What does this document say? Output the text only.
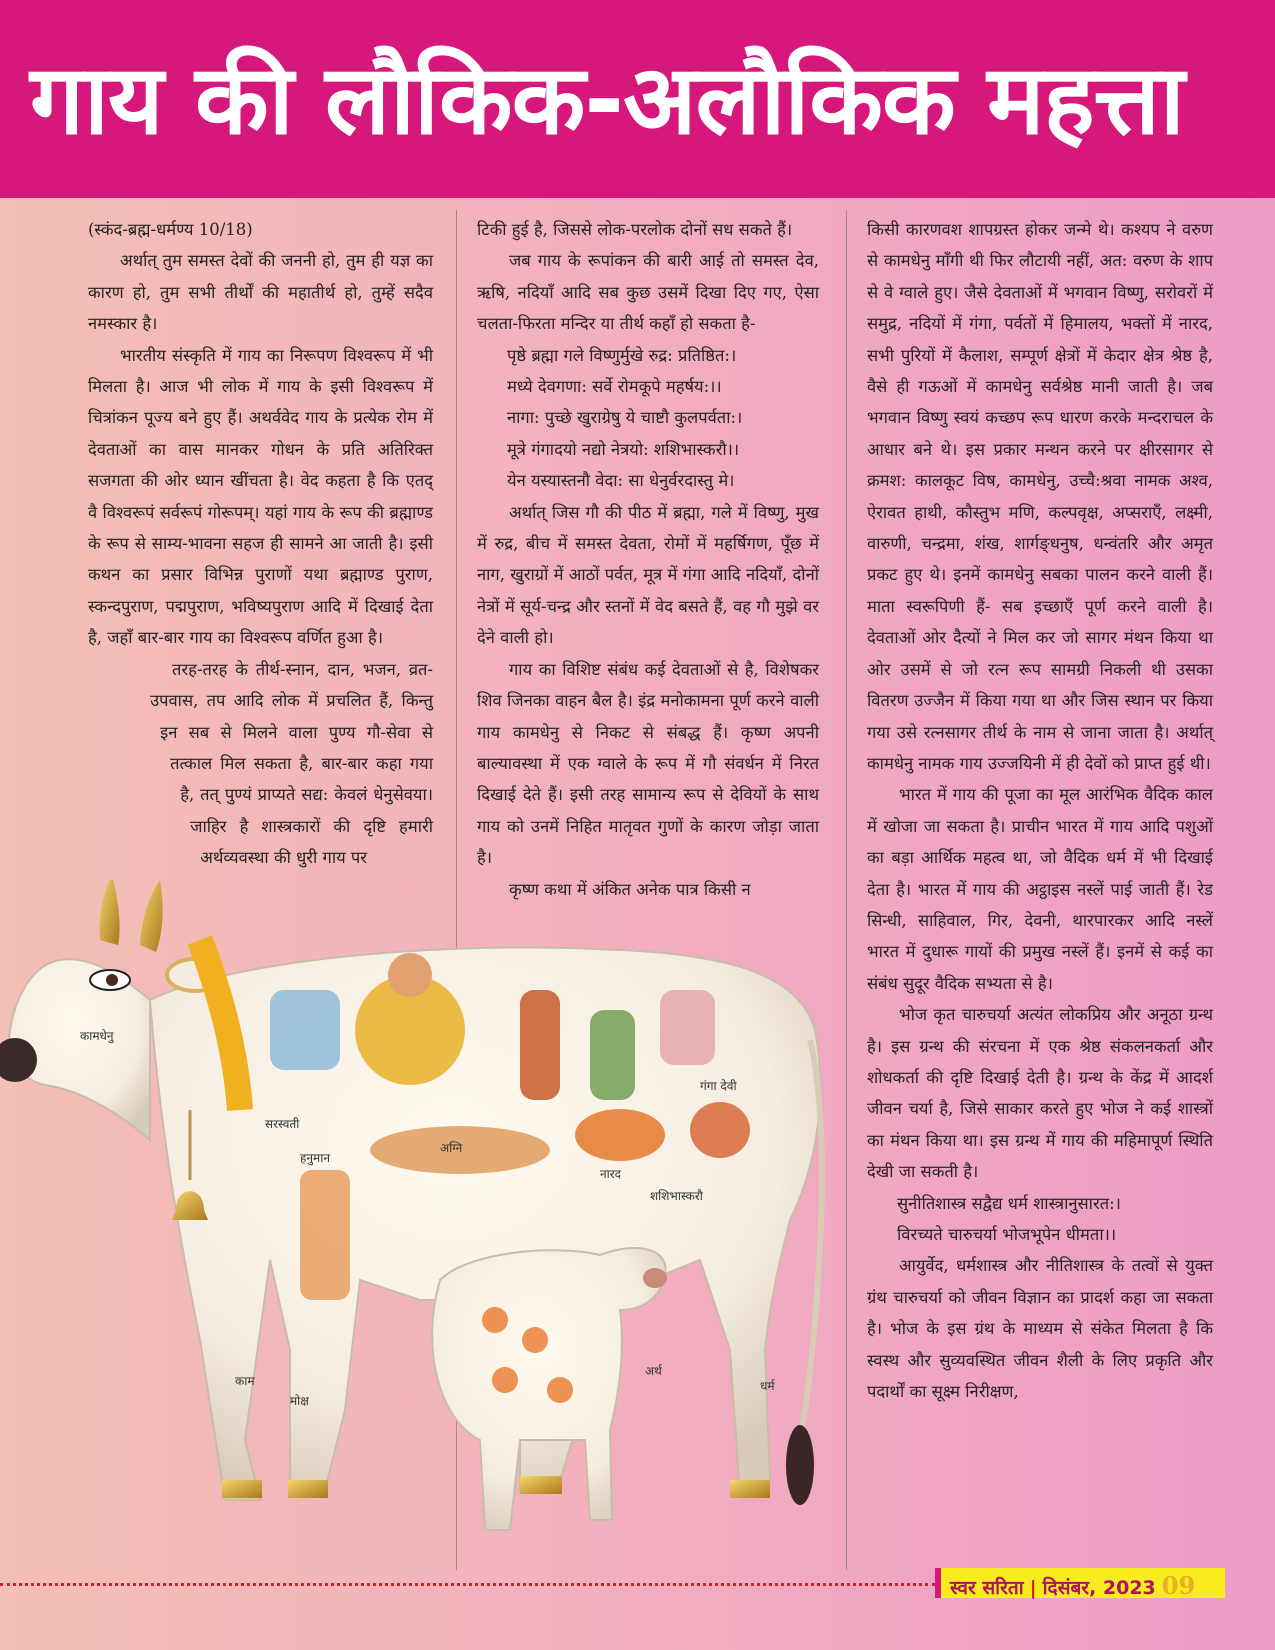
गाय की लौकिक-अलौकिक महत्ता

(स्कंद-ब्रह्म-धर्मण्य 10/18)

अर्थात् तुम समस्त देवों की जननी हो, तुम ही यज्ञ का कारण हो, तुम सभी तीर्थों की महातीर्थ हो, तुम्हें सदैव नमस्कार है।

भारतीय संस्कृति में गाय का निरूपण विश्वरूप में भी मिलता है। आज भी लोक में गाय के इसी विश्वरूप में चित्रांकन पूज्य बने हुए हैं। अथर्ववेद गाय के प्रत्येक रोम में देवताओं का वास मानकर गोधन के प्रति अतिरिक्त सजगता की ओर ध्यान खींचता है। वेद कहता है कि एतद् वै विश्वरूपं सर्वरूपं गोरूपम्। यहां गाय के रूप की ब्रह्माण्ड के रूप से साम्य-भावना सहज ही सामने आ जाती है। इसी कथन का प्रसार विभिन्न पुराणों यथा ब्रह्माण्ड पुराण, स्कन्दपुराण, पद्मपुराण, भविष्यपुराण आदि में दिखाई देता है, जहाँ बार-बार गाय का विश्वरूप वर्णित हुआ है।

तरह-तरह के तीर्थ-स्नान, दान, भजन, व्रत-उपवास, तप आदि लोक में प्रचलित हैं, किन्तु इन सब से मिलने वाला पुण्य गौ-सेवा से तत्काल मिल सकता है, बार-बार कहा गया है, तत् पुण्यं प्राप्यते सद्य: केवलं धेनुसेवया। जाहिर है शास्त्रकारों की दृष्टि हमारी अर्थव्यवस्था की धुरी गाय पर

टिकी हुई है, जिससे लोक-परलोक दोनों सध सकते हैं।

जब गाय के रूपांकन की बारी आई तो समस्त देव, ऋषि, नदियाँ आदि सब कुछ उसमें दिखा दिए गए, ऐसा चलता-फिरता मन्दिर या तीर्थ कहाँ हो सकता है-

पृष्ठे ब्रह्मा गले विष्णुर्मुखे रुद्र: प्रतिष्ठित:।

मध्ये देवगणा: सर्वे रोमकूपे महर्षय:।।

नागा: पुच्छे खुराग्रेषु ये चाष्टौ कुलपर्वता:।

मूत्रे गंगादयो नद्यो नेत्रयो: शशिभास्करौ।।

येन यस्यास्तनौ वेदा: सा धेनुर्वरदास्तु मे।

अर्थात् जिस गौ की पीठ में ब्रह्मा, गले में विष्णु, मुख में रुद्र, बीच में समस्त देवता, रोमों में महर्षिगण, पूँछ में नाग, खुराग्रों में आठों पर्वत, मूत्र में गंगा आदि नदियाँ, दोनों नेत्रों में सूर्य-चन्द्र और स्तनों में वेद बसते हैं, वह गौ मुझे वर देने वाली हो।

गाय का विशिष्ट संबंध कई देवताओं से है, विशेषकर शिव जिनका वाहन बैल है। इंद्र मनोकामना पूर्ण करने वाली गाय कामधेनु से निकट से संबद्ध हैं। कृष्ण अपनी बाल्यावस्था में एक ग्वाले के रूप में गौ संवर्धन में निरत दिखाई देते हैं। इसी तरह सामान्य रूप से देवियों के साथ गाय को उनमें निहित मातृवत गुणों के कारण जोड़ा जाता है।

कृष्ण कथा में अंकित अनेक पात्र किसी न

किसी कारणवश शापग्रस्त होकर जन्मे थे। कश्यप ने वरुण से कामधेनु माँगी थी फिर लौटायी नहीं, अत: वरुण के शाप से वे ग्वाले हुए। जैसे देवताओं में भगवान विष्णु, सरोवरों में समुद्र, नदियों में गंगा, पर्वतों में हिमालय, भक्तों में नारद, सभी पुरियों में कैलाश, सम्पूर्ण क्षेत्रों में केदार क्षेत्र श्रेष्ठ है, वैसे ही गऊओं में कामधेनु सर्वश्रेष्ठ मानी जाती है। जब भगवान विष्णु स्वयं कच्छप रूप धारण करके मन्दराचल के आधार बने थे। इस प्रकार मन्थन करने पर क्षीरसागर से क्रमश: कालकूट विष, कामधेनु, उच्चै:श्रवा नामक अश्व, ऐरावत हाथी, कौस्तुभ मणि, कल्पवृक्ष, अप्सराएँ, लक्ष्मी, वारुणी, चन्द्रमा, शंख, शार्गङ्धनुष, धन्वंतरि और अमृत प्रकट हुए थे। इनमें कामधेनु सबका पालन करने वाली हैं। माता स्वरूपिणी हैं- सब इच्छाएँ पूर्ण करने वाली है। देवताओं ओर दैत्यों ने मिल कर जो सागर मंथन किया था ओर उसमें से जो रत्न रूप सामग्री निकली थी उसका वितरण उज्जैन में किया गया था और जिस स्थान पर किया गया उसे रत्नसागर तीर्थ के नाम से जाना जाता है। अर्थात् कामधेनु नामक गाय उज्जयिनी में ही देवों को प्राप्त हुई थी।

भारत में गाय की पूजा का मूल आरंभिक वैदिक काल में खोजा जा सकता है। प्राचीन भारत में गाय आदि पशुओं का बड़ा आर्थिक महत्व था, जो वैदिक धर्म में भी दिखाई देता है। भारत में गाय की अट्ठाइस नस्लें पाई जाती हैं। रेड सिन्धी, साहिवाल, गिर, देवनी, थारपारकर आदि नस्लें भारत में दुधारू गायों की प्रमुख नस्लें हैं। इनमें से कई का संबंध सुदूर वैदिक सभ्यता से है।

भोज कृत चारुचर्या अत्यंत लोकप्रिय और अनूठा ग्रन्थ है। इस ग्रन्थ की संरचना में एक श्रेष्ठ संकलनकर्ता और शोधकर्ता की दृष्टि दिखाई देती है। ग्रन्थ के केंद्र में आदर्श जीवन चर्या है, जिसे साकार करते हुए भोज ने कई शास्त्रों का मंथन किया था। इस ग्रन्थ में गाय की महिमापूर्ण स्थिति देखी जा सकती है।

सुनीतिशास्त्र सद्वैद्य धर्म शास्त्रानुसारत:।

विरच्यते चारुचर्या भोजभूपेन धीमता।।

आयुर्वेद, धर्मशास्त्र और नीतिशास्त्र के तत्वों से युक्त ग्रंथ चारुचर्या को जीवन विज्ञान का प्रादर्श कहा जा सकता है। भोज के इस ग्रंथ के माध्यम से संकेत मिलता है कि स्वस्थ और सुव्यवस्थित जीवन शैली के लिए प्रकृति और पदार्थों का सूक्ष्म निरीक्षण,

कामधेनु
सरस्वती
हनुमान
अग्नि
नारद
गंगा देवी
शशिभास्करौ
काम
मोक्ष
अर्थ
धर्म
स्वर सरिता | दिसंबर, 2023 09
